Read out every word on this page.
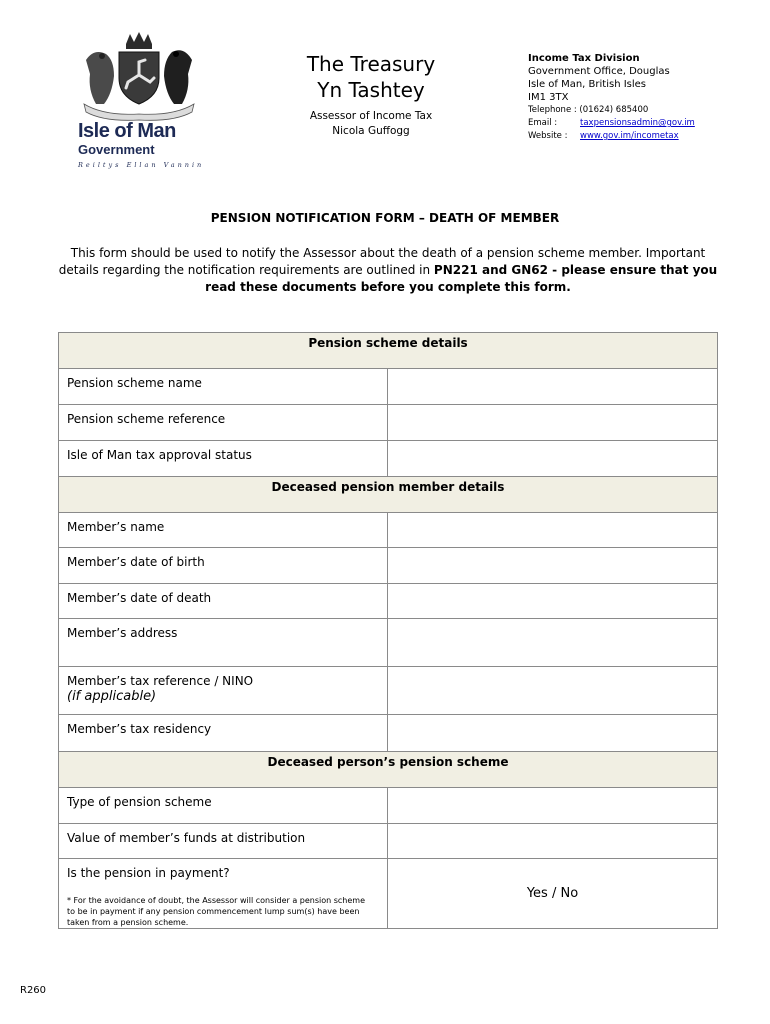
Isle of Man
Government
Reiltys Ellan Vannin
The Treasury
Yn Tashtey
Assessor of Income Tax
Nicola Guffogg
Income Tax Division
Government Office, Douglas
Isle of Man, British Isles
IM1 3TX
Telephone : (01624) 685400
Email :	taxpensionsadmin@gov.im
Website :	www.gov.im/incometax
PENSION NOTIFICATION FORM – DEATH OF MEMBER
This form should be used to notify the Assessor about the death of a pension scheme member. Important details regarding the notification requirements are outlined in PN221 and GN62 - please ensure that you read these documents before you complete this form.
Pension scheme details	
Pension scheme name	
Pension scheme reference	
Isle of Man tax approval status	
Deceased pension member details	
Member’s name	
Member’s date of birth	
Member’s date of death	
Member’s address	

Member’s tax reference / NINO
(if applicable)	

Member’s tax residency	
Deceased person’s pension scheme	
Type of pension scheme	
Value of member’s funds at distribution	

Is the pension in payment?
* For the avoidance of doubt, the Assessor will consider a pension scheme to be in payment if any pension commencement lump sum(s) have been taken from a pension scheme.	Yes / No
R260
